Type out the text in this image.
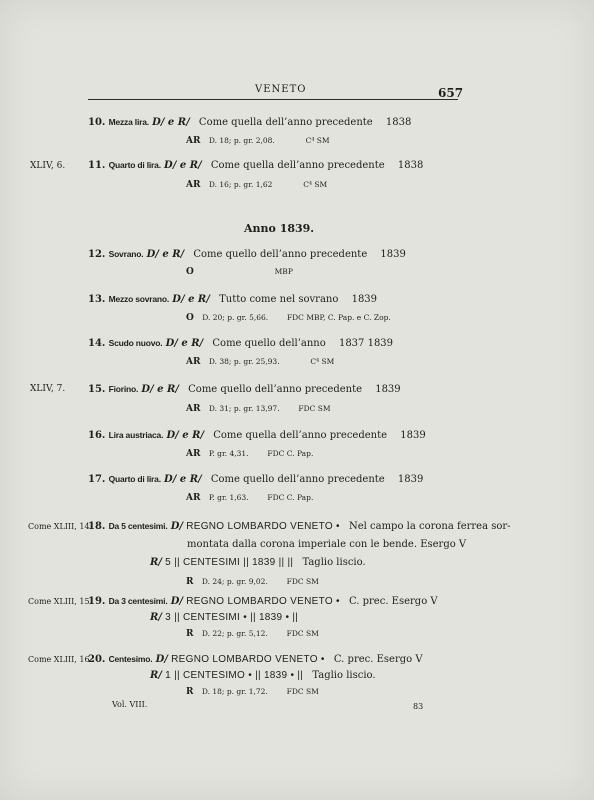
VENETO	657
10. Mezza lira. D/ e R/ Come quella dell’anno precedente 1838
AR D. 18; p. gr. 2,08.	C⁴ SM
XLIV, 6. 11. Quarto di lira. D/ e R/ Come quella dell’anno precedente 1838
AR D. 16; p. gr. 1,62	C⁴ SM
Anno 1839.
12. Sovrano. D/ e R/ Come quello dell’anno precedente 1839
O	MBP
13. Mezzo sovrano. D/ e R/ Tutto come nel sovrano 1839
O D. 20; p. gr. 5,66.	FDC MBP, C. Pap. e C. Zop.
14. Scudo nuovo. D/ e R/ Come quello dell’anno 1837 1839
AR D. 38; p. gr. 25,93.	C⁴ SM
XLIV, 7. 15. Fiorino. D/ e R/ Come quello dell’anno precedente 1839
AR D. 31; p. gr. 13,97.	FDC SM
16. Lira austriaca. D/ e R/ Come quella dell’anno precedente 1839
AR P. gr. 4,31.	FDC C. Pap.
17. Quarto di lira. D/ e R/ Come quello dell’anno precedente 1839
AR P. gr. 1,63.	FDC C. Pap.
Come XLIII, 14.
18. Da 5 centesimi. D/ REGNO LOMBARDO VENETO • Nel campo la corona ferrea sor-
montata dalla corona imperiale con le bende. Esergo V
R/ 5 || CENTESIMI || 1839 || || Taglio liscio.
R D. 24; p. gr. 9,02.	FDC SM
Come XLIII, 15.
19. Da 3 centesimi. D/ REGNO LOMBARDO VENETO • C. prec. Esergo V
R/ 3 || CENTESIMI • || 1839 • ||
R D. 22; p. gr. 5,12.	FDC SM
Come XLIII, 16.
20. Centesimo. D/ REGNO LOMBARDO VENETO • C. prec. Esergo V
R/ 1 || CENTESIMO • || 1839 • || Taglio liscio.
R D. 18; p. gr. 1,72.	FDC SM
Vol. VIII.	83
